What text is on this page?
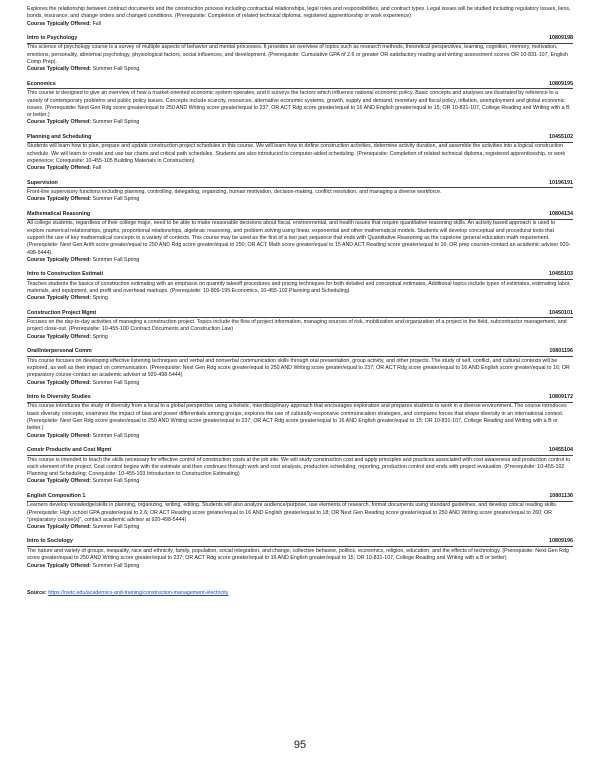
Explores the relationship between contract documents and the construction process including contractual relationships, legal roles and responsibilities, and contract types. Legal issues will be studied including regulatory issues, liens, bonds, insurance, and change orders and changed conditions. (Prerequisite: Completion of related technical diploma, registered apprenticeship or work experience)

Course Typically Offered: Fall

Intro to Psychology	10809198

This science of psychology course is a survey of multiple aspects of behavior and mental processes. It provides an overview of topics such as research methods, theoretical perspectives, learning, cognition, memory, motivation, emotions, personality, abnormal psychology, physiological factors, social influences, and development. (Prerequisite: Cumulative GPA of 2.6 or greater OR satisfactory reading and writing assessment scores OR 10-831-107, English Comp Prep).

Course Typically Offered: Summer Fall Spring

Economics	10809195

This course is designed to give an overview of how a market-oriented economic system operates, and it surveys the factors which influence national economic policy. Basic concepts and analyses are illustrated by reference to a variety of contemporary problems and public policy issues. Concepts include scarcity, resources, alternative economic systems, growth, supply and demand, monetary and fiscal policy, inflation, unemployment and global economic issues. (Prerequisite: Next Gen Rdg score greater/equal to 250 AND Writing score greater/equal to 237; OR ACT Rdg score greater/equal to 16 AND English greater/equal to 15; OR 10-831-107, College Reading and Writing with a B or better.)

Course Typically Offered: Summer Fall Spring

Planning and Scheduling	10455102

Students will learn how to plan, prepare and update construction project schedules in this course. We will learn how to define construction activities, determine activity duration, and assemble the activities into a logical construction schedule. We will learn to create and use bar charts and critical path schedules. Students are also introduced to computer-aided scheduling. (Prerequisite: Completion of related technical diploma, registered apprenticeship, or work experience; Corequisite: 10-455-105 Building Materials in Construction)

Course Typically Offered: Fall

Supervision	10196191

Front-line supervisory functions including planning, controlling, delegating, organizing, human motivation, decision-making, conflict resolution, and managing a diverse workforce.

Course Typically Offered: Summer Fall Spring

Mathematical Reasoning	10804134

All college students, regardless of their college major, need to be able to make reasonable decisions about fiscal, environmental, and health issues that require quantitative reasoning skills. An activity based approach is used to explore numerical relationships, graphs, proportional relationships, algebraic reasoning, and problem solving using linear, exponential and other mathematical models. Students will develop conceptual and procedural tools that support the use of key mathematical concepts in a variety of contexts. This course may be used as the first of a two part sequence that ends with Quantitative Reasoning as the capstone general education math requirement. (Prerequisite: Next Gen Arith score greater/equal to 250 AND Rdg score greater/equal to 250; OR ACT Math score greater/equal to 15 AND ACT Reading score greater/equal to 16; OR prep courses-contact an academic advisor 920-498-5444).

Course Typically Offered: Summer Fall Spring

Intro to Construction Estimati	10455103

Teaches students the basics of construction estimating with an emphasis on quantity takeoff procedures and pricing techniques for both detailed and conceptual estimates. Additional topics include types of estimates, estimating labor, materials, and equipment, and profit and overhead markups. (Prerequisite: 10-809-195 Economics, 10-455-102 Planning and Scheduling)

Course Typically Offered: Spring

Construction Project Mgmt	10450101

Focuses on the day-to-day activities of managing a construction project. Topics include the flow of project information, managing sources of risk, mobilization and organization of a project in the field, subcontractor management, and project close-out. (Prerequisite: 10-455-100 Contract Documents and Construction Law)

Course Typically Offered: Spring

Oral/Interpersonal Comm	10801196

This course focuses on developing effective listening techniques and verbal and nonverbal communication skills through oral presentation, group activity, and other projects. The study of self, conflict, and cultural contexts will be explored, as well as their impact on communication. (Prerequisite: Next Gen Rdg score greater/equal to 250 AND Writing score greater/equal to 237; OR ACT Rdg score greater/equal to 16 AND English score greater/equal to 16; OR preparatory course-contact an academic advisor at 920-498-5444)

Course Typically Offered: Summer Fall Spring

Intro to Diversity Studies	10809172

This course introduces the study of diversity from a local to a global perspective using a holistic, interdisciplinary approach that encourages exploration and prepares students to work in a diverse environment. The course introduces basic diversity concepts, examines the impact of bias and power differentials among groups, explores the use of culturally-responsive communication strategies, and compares forces that shape diversity in an international context. (Prerequisite: Next Gen Rdg score greater/equal to 250 AND Writing score greater/equal to 237; OR ACT Rdg score greater/equal to 16 AND English greater/equal to 15; OR 10-831-107, College Reading and Writing with a B or better.)

Course Typically Offered: Summer Fall Spring

Constr Productiv and Cost Mgmt	10455104

This course is intended to teach the skills necessary for effective control of construction costs at the job site. We will study construction cost and apply principles and practices associated with cost awareness and production control to each element of the project. Cost control begins with the estimate and then continues through work and cost analysis, production scheduling, reporting, production control and ends with project evaluation. (Prerequisite: 10-455-102 Planning and Scheduling; Corequisite: 10-455-103 Introduction to Construction Estimating)

Course Typically Offered: Summer Fall Spring

English Composition 1	10801136

Learners develop knowledge/skills in planning, organizing, writing, editing. Students will also analyze audience/purpose, use elements of research, format documents using standard guidelines, and develop critical reading skills. (Prerequisite: High school GPA greater/equal to 2.6; OR ACT Reading score greater/equal to 16 AND English greater/equal to 18; OR Next Gen Reading score greater/equal to 250 AND Writing score greater/equal to 260; OR "preparatory course(s)", contact academic advisor at 920-498-5444)

Course Typically Offered: Summer Fall Spring

Intro to Sociology	10809196

The nature and variety of groups, inequality, race and ethnicity, family, population, social integration, and change, collective behavior, politics, economics, religion, education, and the effects of technology. (Prerequisite: Next Gen Rdg score greater/equal to 250 AND Writing score greater/equal to 237; OR ACT Rdg score greater/equal to 16 AND English greater/equal to 15; OR 10-831-107, College Reading and Writing with a B or better)

Course Typically Offered: Summer Fall Spring

Source: https://nwtc.edu/academics-and-training/construction-management-electricity
95
